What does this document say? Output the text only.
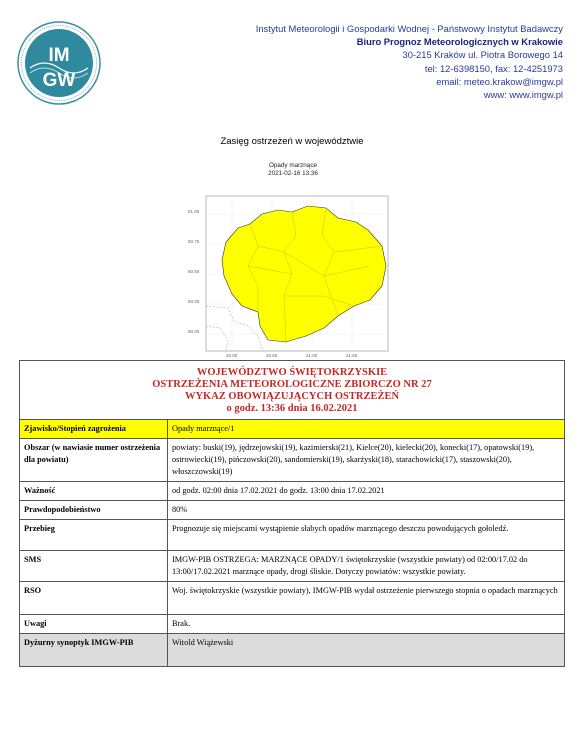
IM
GW
Instytut Meteorologii i Gospodarki Wodnej - Państwowy Instytut Badawczy
Biuro Prognoz Meteorologicznych w Krakowie
30-215 Kraków ul. Piotra Borowego 14
tel: 12-6398150, fax: 12-4251973
email: meteo.krakow@imgw.pl
www: www.imgw.pl
Zasięg ostrzeżeń w województwie
Opady marznące
2021-02-16 13:36
51.00
50.75
50.50
50.25
50.00
20.00	20.50	21.00	21.50
WOJEWÓDZTWO ŚWIĘTOKRZYSKIE
OSTRZEŻENIA METEOROLOGICZNE ZBIORCZO NR 27
WYKAZ OBOWIĄZUJĄCYCH OSTRZEŻEŃ
o godz. 13:36 dnia 16.02.2021	

Zjawisko/Stopień zagrożenia	Opady marznące/1
Obszar (w nawiasie numer ostrzeżenia dla powiatu)	powiaty: buski(19), jędrzejowski(19), kazimierski(21), Kielce(20), kielecki(20), konecki(17), opatowski(19), ostrowiecki(19), pińczowski(20), sandomierski(19), skarżyski(18), starachowicki(17), staszowski(20), włoszczowski(19)
Ważność	od godz. 02:00 dnia 17.02.2021 do godz. 13:00 dnia 17.02.2021
Prawdopodobieństwo	80%
Przebieg	Prognozuje się miejscami wystąpienie słabych opadów marznącego deszczu powodujących gołoledź.
SMS	IMGW-PIB OSTRZEGA: MARZNĄCE OPADY/1 świętokrzyskie (wszystkie powiaty) od 02:00/17.02 do 13:00/17.02.2021 marznące opady, drogi śliskie. Dotyczy powiatów: wszystkie powiaty.
RSO	Woj. świętokrzyskie (wszystkie powiaty), IMGW-PIB wydał ostrzeżenie pierwszego stopnia o opadach marznących
Uwagi	Brak.
Dyżurny synoptyk IMGW-PIB	Witold Wiążewski
